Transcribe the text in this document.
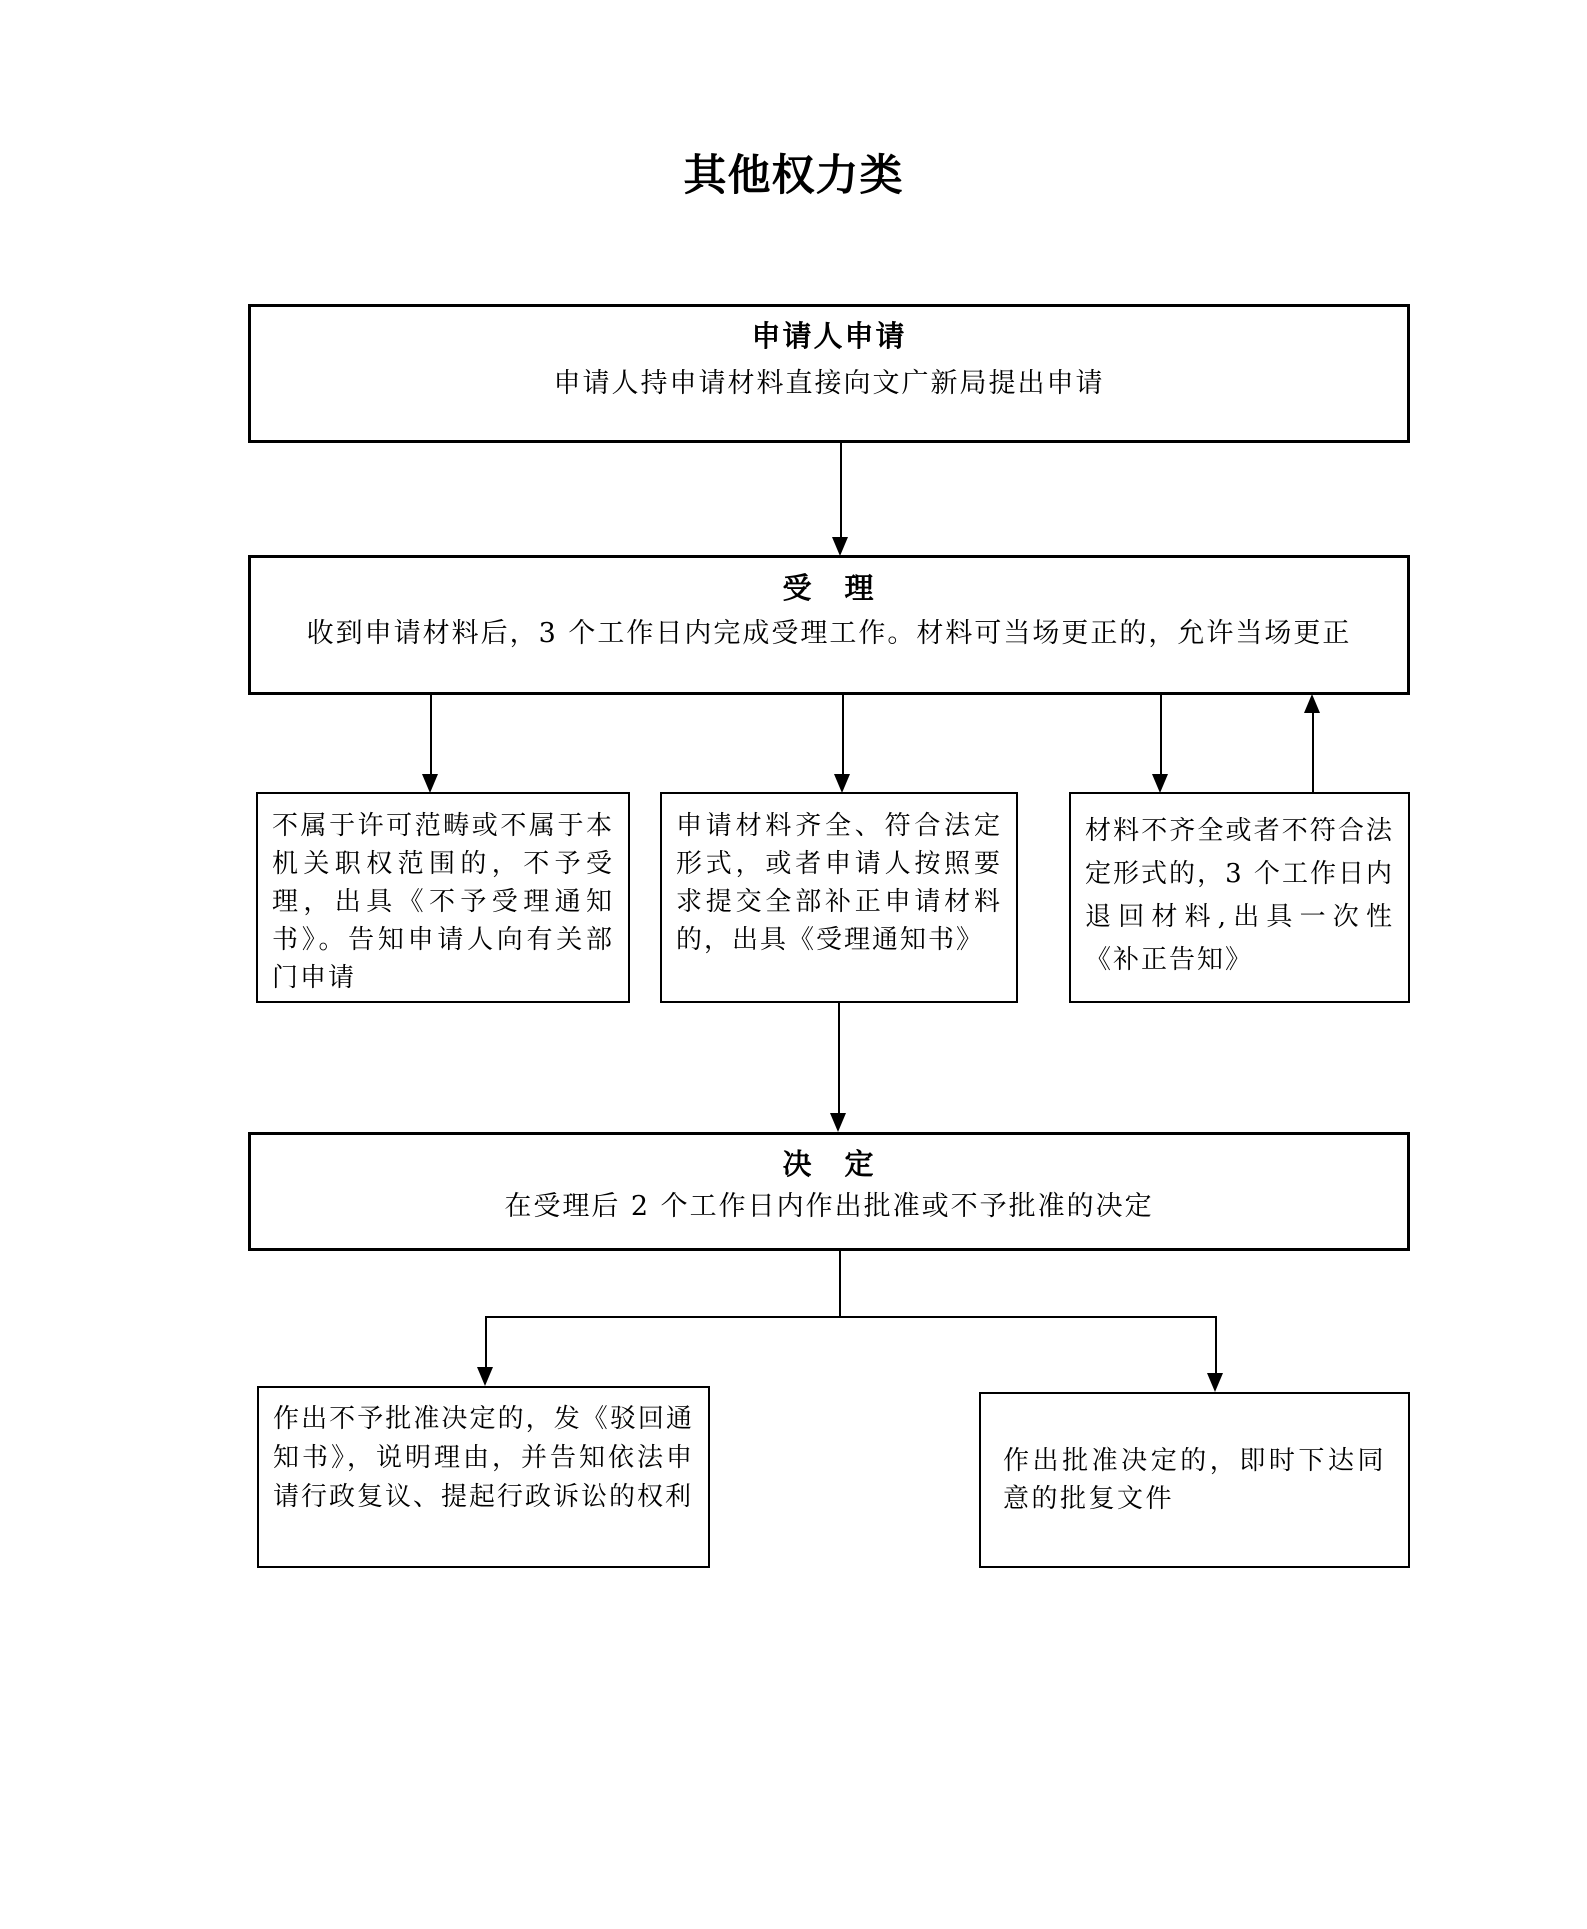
其他权力类
申请人申请
申请人持申请材料直接向文广新局提出申请
受　理
收到申请材料后，3 个工作日内完成受理工作。材料可当场更正的，允许当场更正
不属于许可范畴或不属于本机关职权范围的，不予受理，出具《不予受理通知书》。告知申请人向有关部门申请
申请材料齐全、符合法定形式，或者申请人按照要求提交全部补正申请材料的，出具《受理通知书》
材料不齐全或者不符合法定形式的，3 个工作日内退回材料,出具一次性《补正告知》
决　定
在受理后 2 个工作日内作出批准或不予批准的决定
作出不予批准决定的，发《驳回通知书》，说明理由，并告知依法申请行政复议、提起行政诉讼的权利
作出批准决定的，即时下达同意的批复文件
